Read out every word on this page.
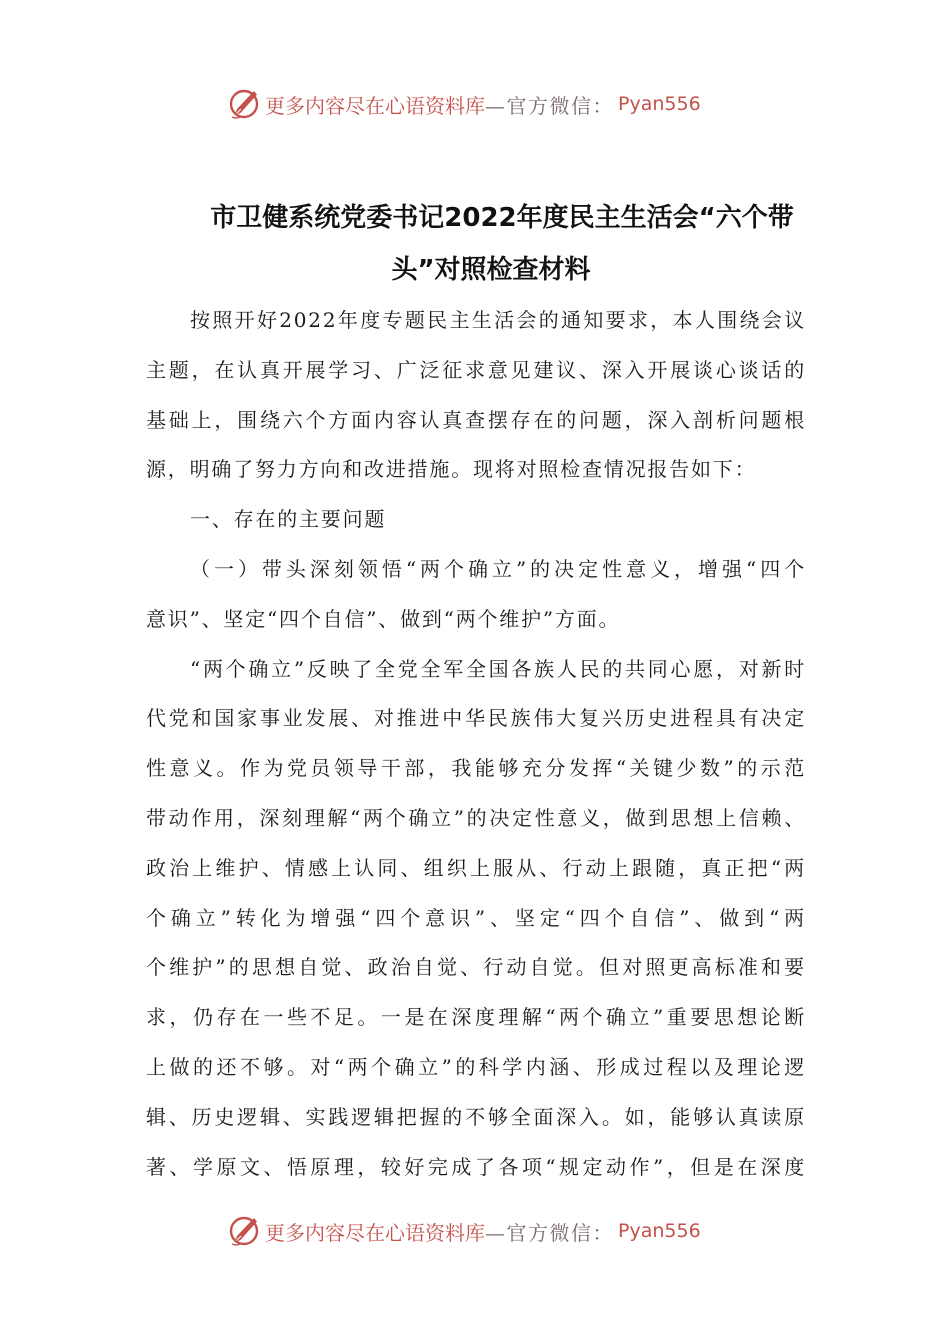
更多内容尽在心语资料库 —官方微信： Pyan556
市卫健系统党委书记2022年度民主生活会“六个带
头”对照检查材料
按照开好2022年度专题民主生活会的通知要求，本人围绕会议
主题，在认真开展学习、广泛征求意见建议、深入开展谈心谈话的
基础上，围绕六个方面内容认真查摆存在的问题，深入剖析问题根
源，明确了努力方向和改进措施。现将对照检查情况报告如下：
一、存在的主要问题
（一）带头深刻领悟“两个确立”的决定性意义，增强“四个
意识”、坚定“四个自信”、做到“两个维护”方面。
“两个确立”反映了全党全军全国各族人民的共同心愿，对新时
代党和国家事业发展、对推进中华民族伟大复兴历史进程具有决定
性意义。作为党员领导干部，我能够充分发挥“关键少数”的示范
带动作用，深刻理解“两个确立”的决定性意义，做到思想上信赖、
政治上维护、情感上认同、组织上服从、行动上跟随，真正把“两
个确立”转化为增强“四个意识”、坚定“四个自信”、做到“两
个维护”的思想自觉、政治自觉、行动自觉。但对照更高标准和要
求，仍存在一些不足。一是在深度理解“两个确立”重要思想论断
上做的还不够。对“两个确立”的科学内涵、形成过程以及理论逻
辑、历史逻辑、实践逻辑把握的不够全面深入。如，能够认真读原
著、学原文、悟原理，较好完成了各项“规定动作”，但是在深度
更多内容尽在心语资料库 —官方微信： Pyan556
